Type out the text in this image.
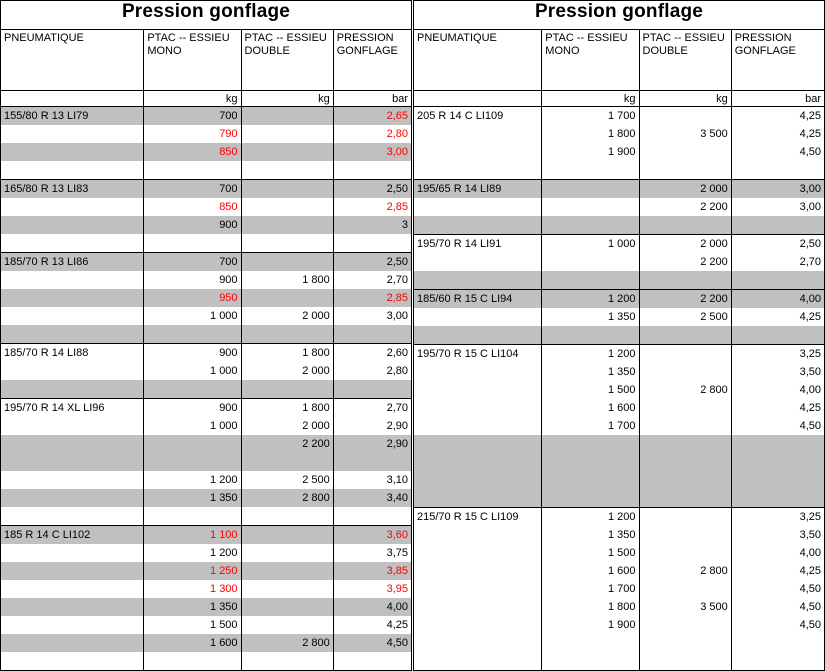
Pression gonflage			
PNEUMATIQUE	PTAC -- ESSIEU MONO	PTAC -- ESSIEU DOUBLE	PRESSION GONFLAGE
	kg	kg	bar
155/80 R 13 LI79	700		2,65
	790		2,80
	850		3,00

165/80 R 13 LI83	700		2,50
	850		2,85
	900		3

185/70 R 13 LI86	700		2,50
	900	1 800	2,70
	950		2,85
	1 000	2 000	3,00

185/70 R 14 LI88	900	1 800	2,60
	1 000	2 000	2,80

195/70 R 14 XL LI96	900	1 800	2,70
	1 000	2 000	2,90
		2 200	2,90

	1 200	2 500	3,10
	1 350	2 800	3,40

185 R 14 C LI102	1 100		3,60
	1 200		3,75
	1 250		3,85
	1 300		3,95
	1 350		4,00
	1 500		4,25
	1 600	2 800	4,50

Pression gonflage			
PNEUMATIQUE	PTAC -- ESSIEU MONO	PTAC -- ESSIEU DOUBLE	PRESSION GONFLAGE
	kg	kg	bar
205 R 14 C LI109	1 700		4,25
	1 800	3 500	4,25
	1 900		4,50

195/65 R 14 LI89		2 000	3,00
		2 200	3,00

195/70 R 14 LI91	1 000	2 000	2,50
		2 200	2,70

185/60 R 15 C LI94	1 200	2 200	4,00
	1 350	2 500	4,25

195/70 R 15 C LI104	1 200		3,25
	1 350		3,50
	1 500	2 800	4,00
	1 600		4,25
	1 700		4,50

215/70 R 15 C LI109	1 200		3,25
	1 350		3,50
	1 500		4,00
	1 600	2 800	4,25
	1 700		4,50
	1 800	3 500	4,50
	1 900		4,50
